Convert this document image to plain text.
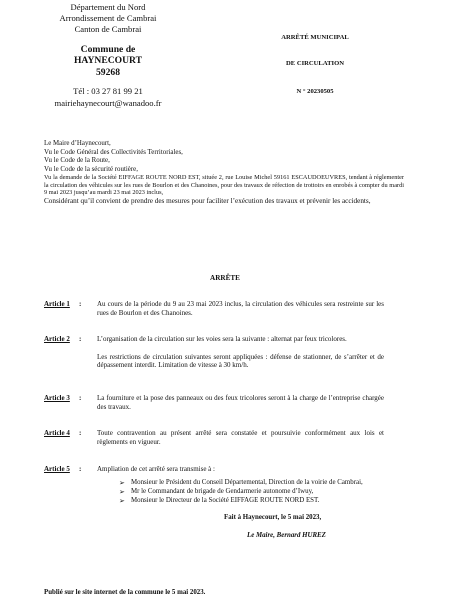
Département du Nord
Arrondissement de Cambrai
Canton de Cambrai
Commune de
HAYNECOURT
59268
Tél : 03 27 81 99 21
mairiehaynecourt@wanadoo.fr
ARRÊTÉ MUNICIPAL
DE CIRCULATION
N ° 20230505

Le Maire d’Haynecourt,

Vu le Code Général des Collectivités Territoriales,

Vu le Code de la Route,

Vu le Code de la sécurité routière,

Vu la demande de la Société EIFFAGE ROUTE NORD EST, située 2, rue Louise Michel 59161 ESCAUDOEUVRES, tendant à réglementer la circulation des véhicules sur les rues de Bourlon et des Chanoines, pour des travaux de réfection de trottoirs en enrobés à compter du mardi 9 mai 2023 jusqu’au mardi 23 mai 2023 inclus,

Considérant qu’il convient de prendre des mesures pour faciliter l’exécution des travaux et prévenir les accidents,

ARRÊTE
Article 1 : Au cours de la période du 9 au 23 mai 2023 inclus, la circulation des véhicules sera restreinte sur les rues de Bourlon et des Chanoines.

Article 2 : L’organisation de la circulation sur les voies sera la suivante : alternat par feux tricolores.

Les restrictions de circulation suivantes seront appliquées : défense de stationner, de s’arrêter et de dépassement interdit. Limitation de vitesse à 30 km/h.

Article 3 : La fourniture et la pose des panneaux ou des feux tricolores seront à la charge de l’entreprise chargée des travaux.

Article 4 : Toute contravention au présent arrêté sera constatée et poursuivie conformément aux lois et règlements en vigueur.

Article 5 : Ampliation de cet arrêté sera transmise à :

➢ Monsieur le Président du Conseil Départemental, Direction de la voirie de Cambrai,
➢ Mr le Commandant de brigade de Gendarmerie autonome d’Iwuy,
➢ Monsieur le Directeur de la Société EIFFAGE ROUTE NORD EST.
Fait à Haynecourt, le 5 mai 2023,
Le Maire, Bernard HUREZ
Publié sur le site internet de la commune le 5 mai 2023.
